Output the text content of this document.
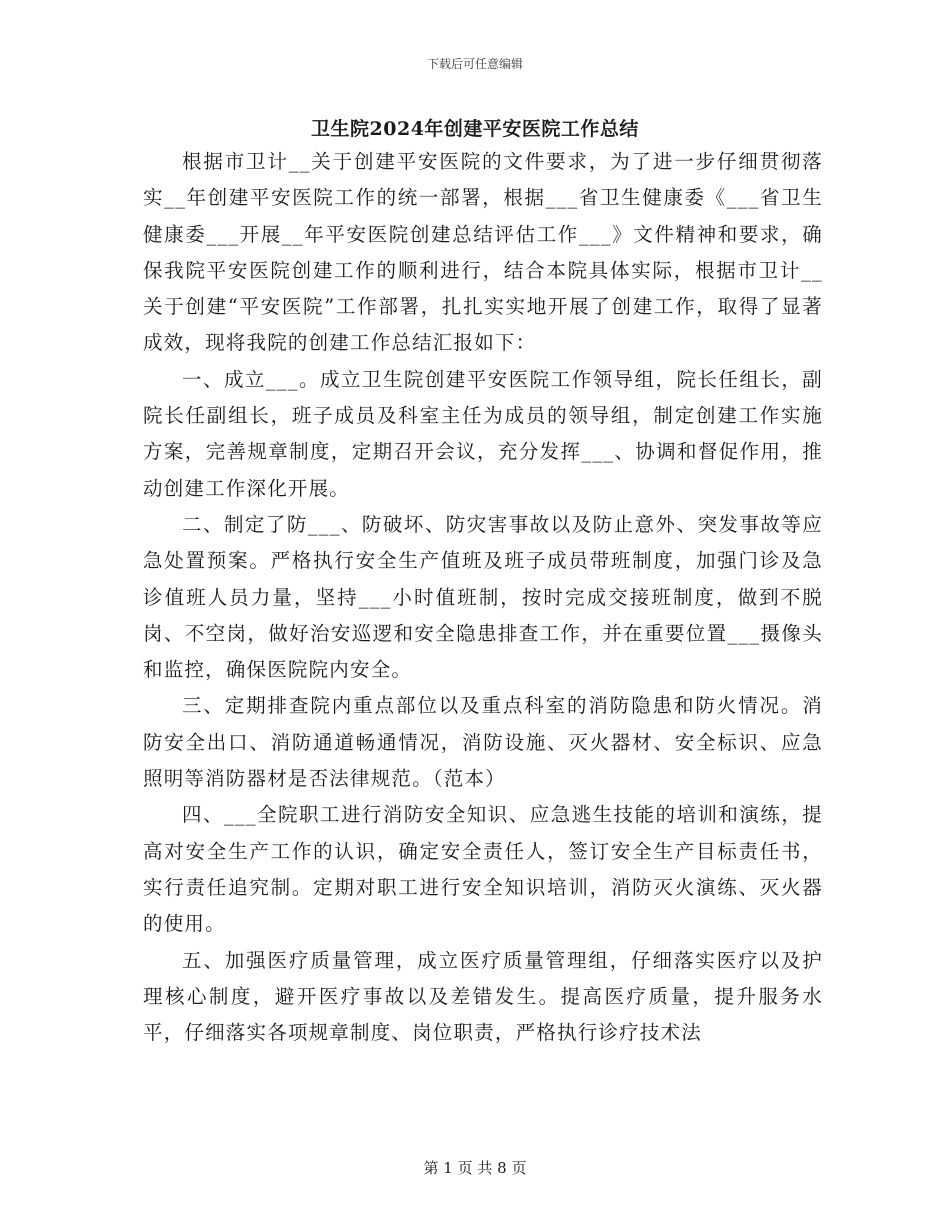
下载后可任意编辑
卫生院2024年创建平安医院工作总结

根据市卫计__关于创建平安医院的文件要求，为了进一步仔细贯彻落实__年创建平安医院工作的统一部署，根据___省卫生健康委《___省卫生健康委___开展__年平安医院创建总结评估工作___》文件精神和要求，确保我院平安医院创建工作的顺利进行，结合本院具体实际，根据市卫计__关于创建“平安医院”工作部署，扎扎实实地开展了创建工作，取得了显著成效，现将我院的创建工作总结汇报如下：

一、成立___。成立卫生院创建平安医院工作领导组，院长任组长，副院长任副组长，班子成员及科室主任为成员的领导组，制定创建工作实施方案，完善规章制度，定期召开会议，充分发挥___、协调和督促作用，推动创建工作深化开展。

二、制定了防___、防破坏、防灾害事故以及防止意外、突发事故等应急处置预案。严格执行安全生产值班及班子成员带班制度，加强门诊及急诊值班人员力量，坚持___小时值班制，按时完成交接班制度，做到不脱岗、不空岗，做好治安巡逻和安全隐患排查工作，并在重要位置___摄像头和监控，确保医院院内安全。

三、定期排查院内重点部位以及重点科室的消防隐患和防火情况。消防安全出口、消防通道畅通情况，消防设施、灭火器材、安全标识、应急照明等消防器材是否法律规范。（范本）

四、___全院职工进行消防安全知识、应急逃生技能的培训和演练，提高对安全生产工作的认识，确定安全责任人，签订安全生产目标责任书，实行责任追究制。定期对职工进行安全知识培训，消防灭火演练、灭火器的使用。

五、加强医疗质量管理，成立医疗质量管理组，仔细落实医疗以及护理核心制度，避开医疗事故以及差错发生。提高医疗质量，提升服务水平，仔细落实各项规章制度、岗位职责，严格执行诊疗技术法

第 1 页 共 8 页
